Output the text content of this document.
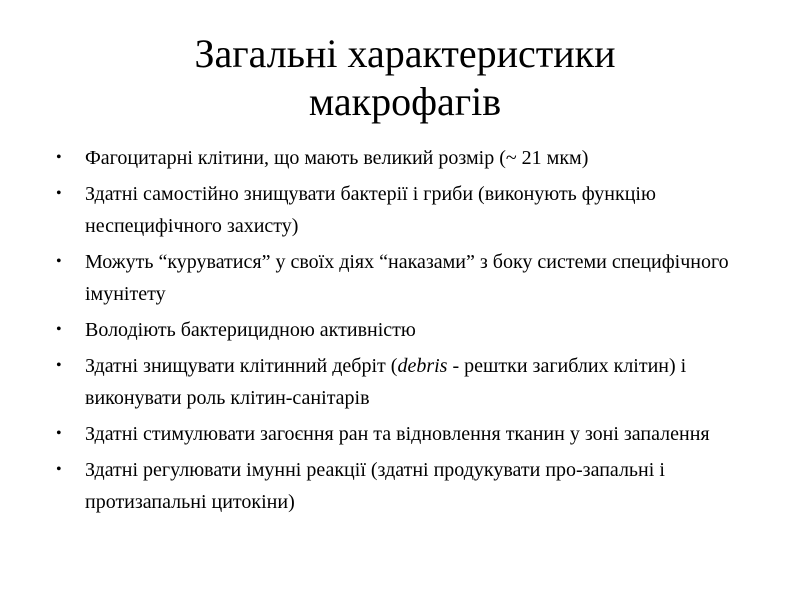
Загальні характеристики
макрофагів
• Фагоцитарні клітини, що мають великий розмір (~ 21 мкм)
• Здатні самостійно знищувати бактерії і гриби (виконують функцію неспецифічного захисту)
• Можуть “куруватися” у своїх діях “наказами” з боку системи специфічного імунітету
• Володіють бактерицидною активністю
• Здатні знищувати клітинний дебріт (debris - рештки загиблих клітин) і виконувати роль клітин-санітарів
• Здатні стимулювати загоєння ран та відновлення тканин у зоні запалення
• Здатні регулювати імунні реакції (здатні продукувати про-запальні і протизапальні цитокіни)
